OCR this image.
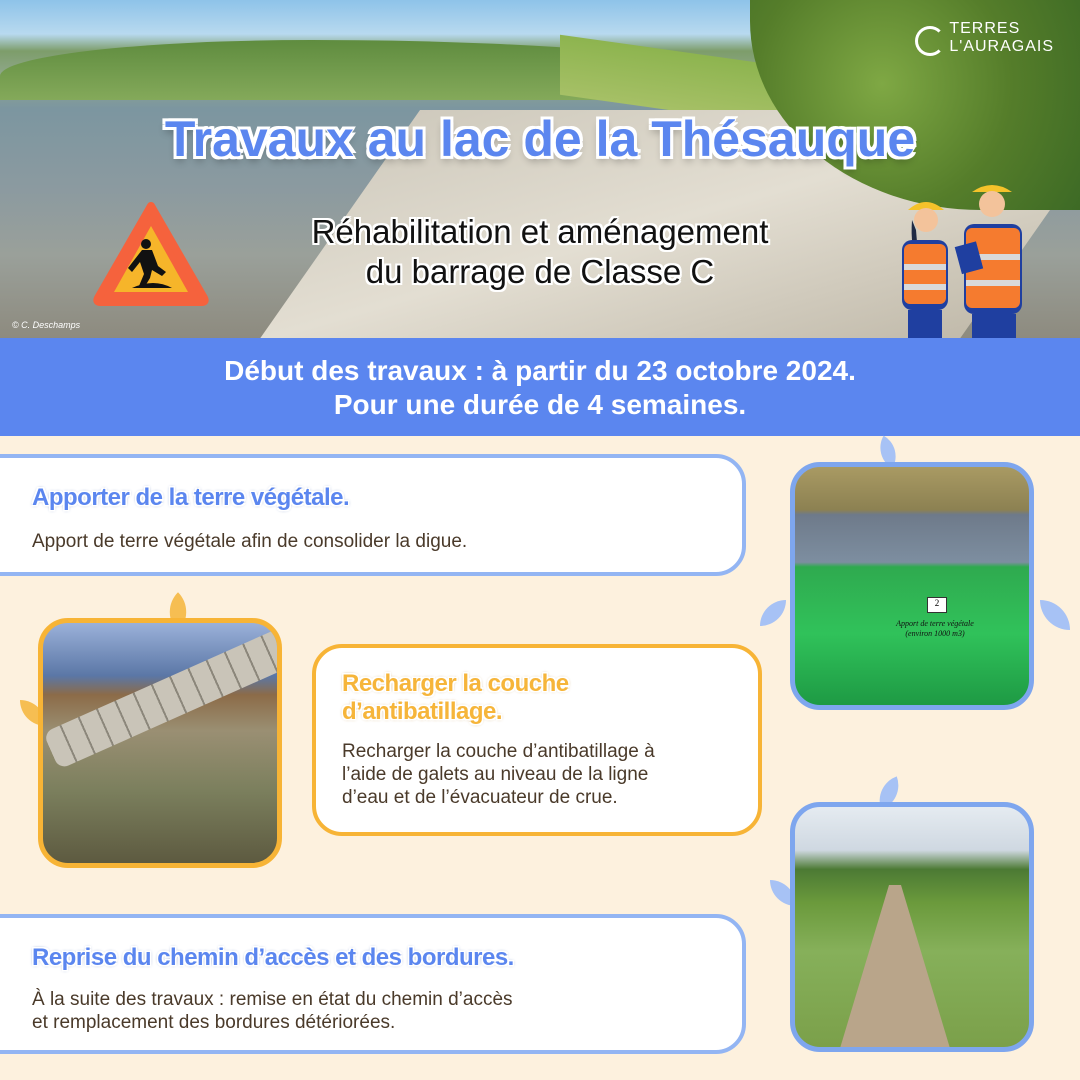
TERRES
L'AURAGAIS
Travaux au lac de la Thésauque
Réhabilitation et aménagement
du barrage de Classe C
© C. Deschamps
Début des travaux : à partir du 23 octobre 2024.
Pour une durée de 4 semaines.
Apporter de la terre végétale.

Apport de terre végétale afin de consolider la digue.

2
Apport de terre végétale
(environ 1000 m3)
Recharger la couche
d’antibatillage.

Recharger la couche d’antibatillage à
l’aide de galets au niveau de la ligne
d’eau et de l’évacuateur de crue.

Reprise du chemin d’accès et des bordures.

À la suite des travaux : remise en état du chemin d’accès
et remplacement des bordures détériorées.
